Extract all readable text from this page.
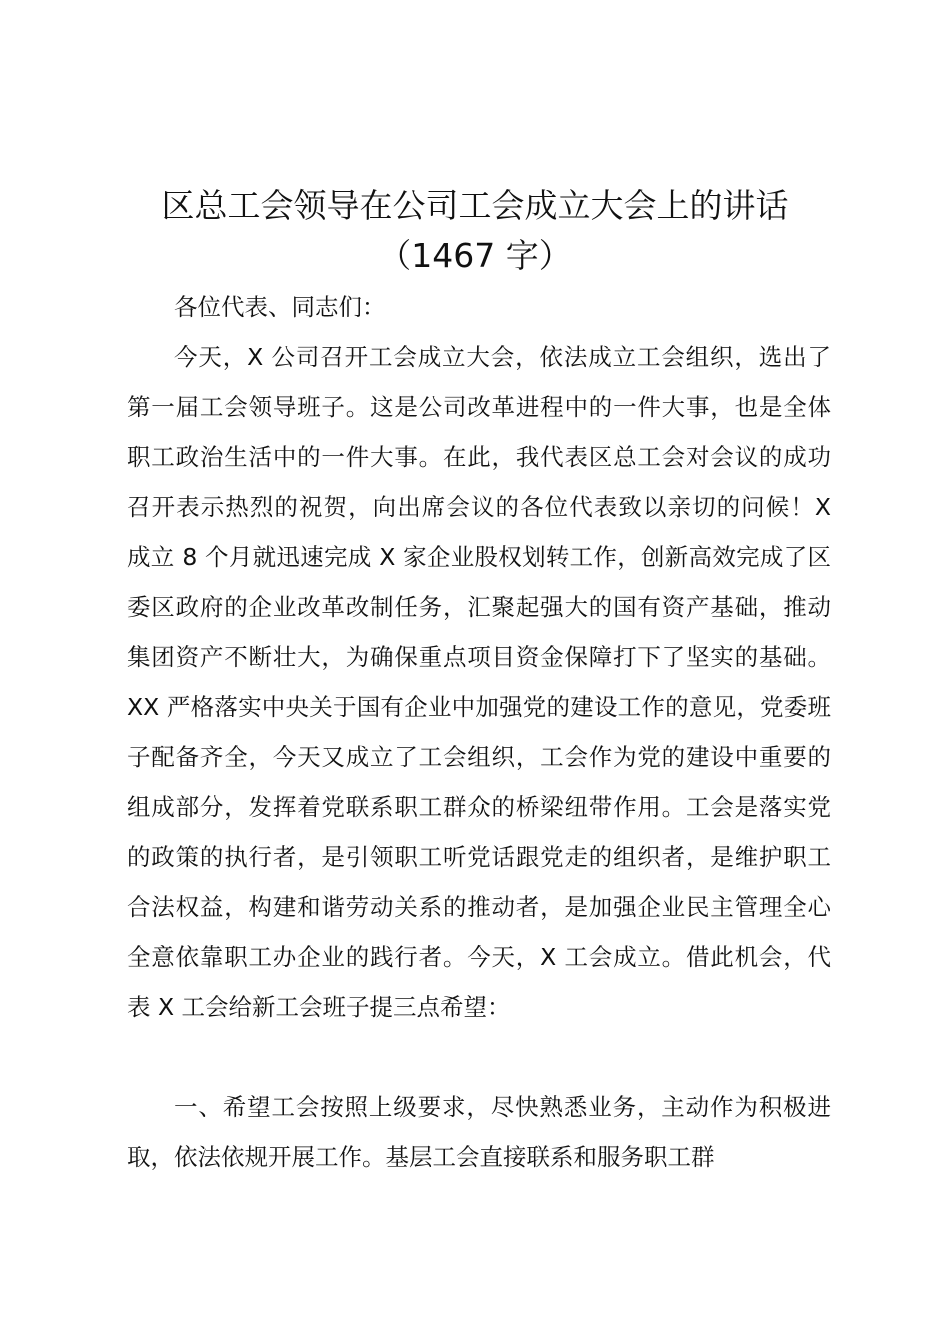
区总工会领导在公司工会成立大会上的讲话
（1467 字）

各位代表、同志们：

今天，X 公司召开工会成立大会，依法成立工会组织，选出了第一届工会领导班子。这是公司改革进程中的一件大事，也是全体职工政治生活中的一件大事。在此，我代表区总工会对会议的成功召开表示热烈的祝贺，向出席会议的各位代表致以亲切的问候！X 成立 8 个月就迅速完成 X 家企业股权划转工作，创新高效完成了区委区政府的企业改革改制任务，汇聚起强大的国有资产基础，推动集团资产不断壮大，为确保重点项目资金保障打下了坚实的基础。XX 严格落实中央关于国有企业中加强党的建设工作的意见，党委班子配备齐全，今天又成立了工会组织，工会作为党的建设中重要的组成部分，发挥着党联系职工群众的桥梁纽带作用。工会是落实党的政策的执行者，是引领职工听党话跟党走的组织者，是维护职工合法权益，构建和谐劳动关系的推动者，是加强企业民主管理全心全意依靠职工办企业的践行者。今天，X 工会成立。借此机会，代表 X 工会给新工会班子提三点希望：

一、希望工会按照上级要求，尽快熟悉业务，主动作为积极进取，依法依规开展工作。基层工会直接联系和服务职工群
